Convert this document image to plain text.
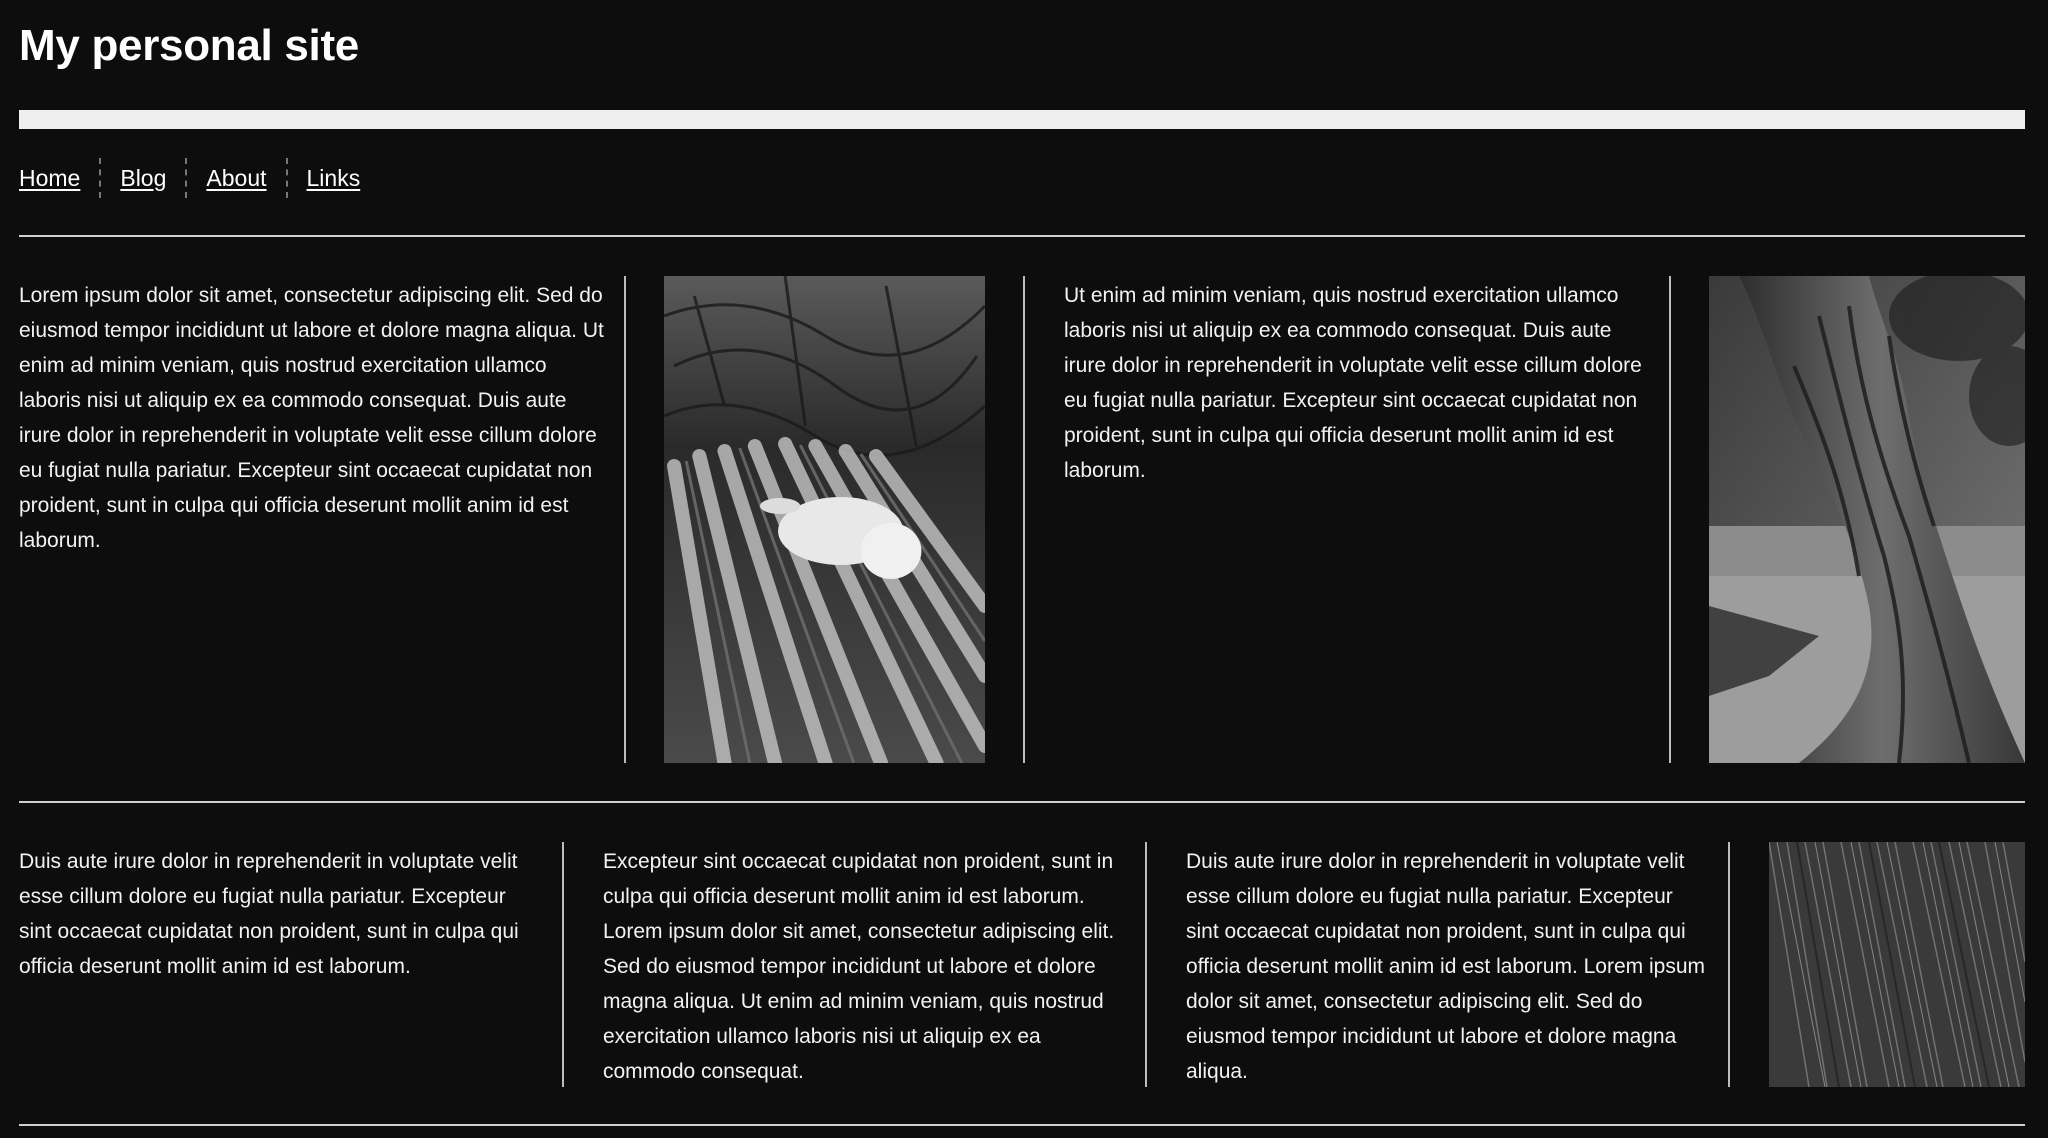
My personal site
Home	Blog	About	Links

Lorem ipsum dolor sit amet, consectetur adipiscing elit. Sed do eiusmod tempor incididunt ut labore et dolore magna aliqua. Ut enim ad minim veniam, quis nostrud exercitation ullamco laboris nisi ut aliquip ex ea commodo consequat. Duis aute irure dolor in reprehenderit in voluptate velit esse cillum dolore eu fugiat nulla pariatur. Excepteur sint occaecat cupidatat non proident, sunt in culpa qui officia deserunt mollit anim id est laborum.

Ut enim ad minim veniam, quis nostrud exercitation ullamco laboris nisi ut aliquip ex ea commodo consequat. Duis aute irure dolor in reprehenderit in voluptate velit esse cillum dolore eu fugiat nulla pariatur. Excepteur sint occaecat cupidatat non proident, sunt in culpa qui officia deserunt mollit anim id est laborum.

Duis aute irure dolor in reprehenderit in voluptate velit esse cillum dolore eu fugiat nulla pariatur. Excepteur sint occaecat cupidatat non proident, sunt in culpa qui officia deserunt mollit anim id est laborum.

Excepteur sint occaecat cupidatat non proident, sunt in culpa qui officia deserunt mollit anim id est laborum. Lorem ipsum dolor sit amet, consectetur adipiscing elit. Sed do eiusmod tempor incididunt ut labore et dolore magna aliqua. Ut enim ad minim veniam, quis nostrud exercitation ullamco laboris nisi ut aliquip ex ea commodo consequat.

Duis aute irure dolor in reprehenderit in voluptate velit esse cillum dolore eu fugiat nulla pariatur. Excepteur sint occaecat cupidatat non proident, sunt in culpa qui officia deserunt mollit anim id est laborum. Lorem ipsum dolor sit amet, consectetur adipiscing elit. Sed do eiusmod tempor incididunt ut labore et dolore magna aliqua.
